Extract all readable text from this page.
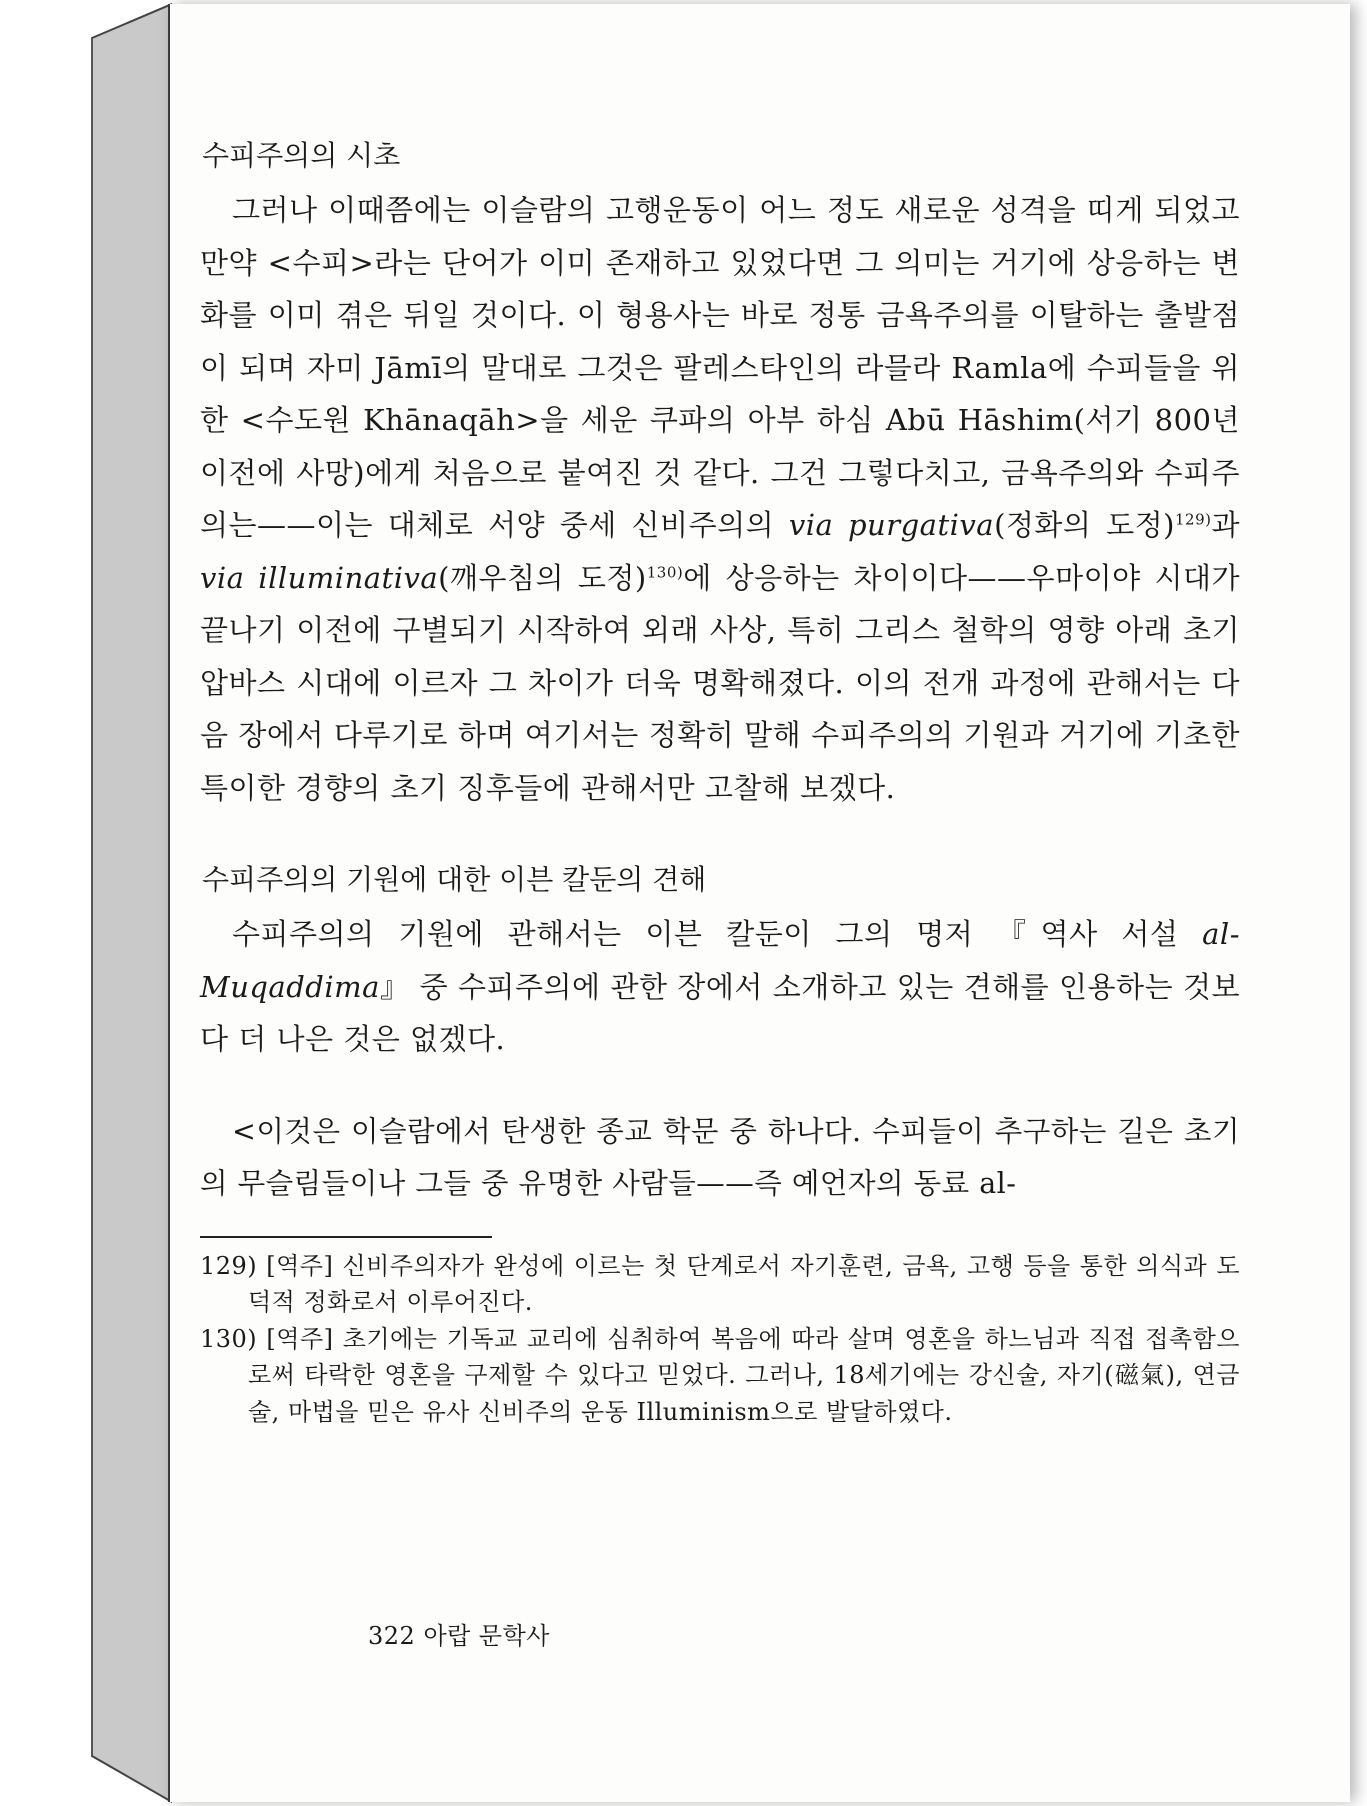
수피주의의 시초

그러나 이때쯤에는 이슬람의 고행운동이 어느 정도 새로운 성격을 띠게 되었고 만약 <수피>라는 단어가 이미 존재하고 있었다면 그 의미는 거기에 상응하는 변화를 이미 겪은 뒤일 것이다. 이 형용사는 바로 정통 금욕주의를 이탈하는 출발점이 되며 자미 Jāmī의 말대로 그것은 팔레스타인의 라믈라 Ramla에 수피들을 위한 <수도원 Khānaqāh>을 세운 쿠파의 아부 하심 Abū Hāshim(서기 800년 이전에 사망)에게 처음으로 붙여진 것 같다. 그건 그렇다치고, 금욕주의와 수피주의는——이는 대체로 서양 중세 신비주의의 via purgativa(정화의 도정)$^{129)}$과 via illuminativa(깨우침의 도정)$^{130)}$에 상응하는 차이이다——우마이야 시대가 끝나기 이전에 구별되기 시작하여 외래 사상, 특히 그리스 철학의 영향 아래 초기 압바스 시대에 이르자 그 차이가 더욱 명확해졌다. 이의 전개 과정에 관해서는 다음 장에서 다루기로 하며 여기서는 정확히 말해 수피주의의 기원과 거기에 기초한 특이한 경향의 초기 징후들에 관해서만 고찰해 보겠다.

수피주의의 기원에 대한 이븐 칼둔의 견해

수피주의의 기원에 관해서는 이븐 칼둔이 그의 명저 『역사 서설 al-Muqaddima』 중 수피주의에 관한 장에서 소개하고 있는 견해를 인용하는 것보다 더 나은 것은 없겠다.

<이것은 이슬람에서 탄생한 종교 학문 중 하나다. 수피들이 추구하는 길은 초기의 무슬림들이나 그들 중 유명한 사람들——즉 예언자의 동료 al-

129) [역주] 신비주의자가 완성에 이르는 첫 단계로서 자기훈련, 금욕, 고행 등을 통한 의식과 도덕적 정화로서 이루어진다.

130) [역주] 초기에는 기독교 교리에 심취하여 복음에 따라 살며 영혼을 하느님과 직접 접촉함으로써 타락한 영혼을 구제할 수 있다고 믿었다. 그러나, 18세기에는 강신술, 자기(磁氣), 연금술, 마법을 믿은 유사 신비주의 운동 Illuminism으로 발달하였다.

322 아랍 문학사
